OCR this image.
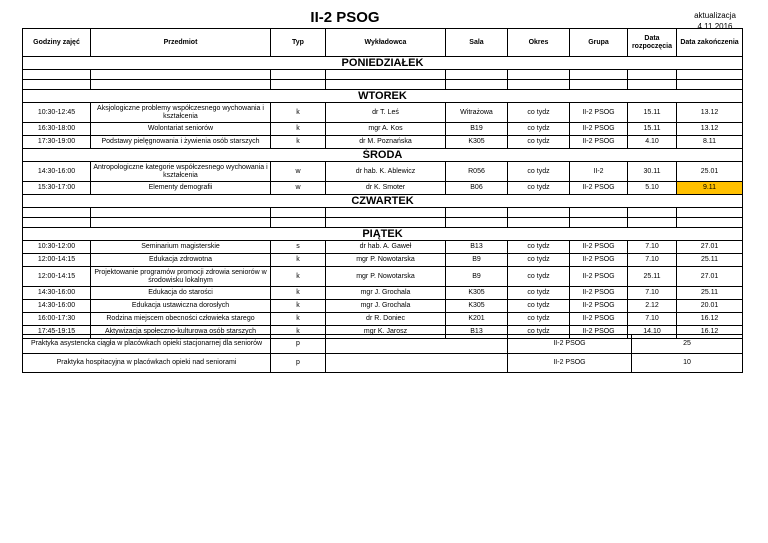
II-2 PSOG	aktualizacja
4.11.2016
Godziny zajęć	Przedmiot	Typ	Wykładowca	Sala	Okres	Grupa	Data rozpoczęcia	Data zakończenia
PONIEDZIAŁEK								

WTOREK								
10:30-12:45	Aksjologiczne problemy współczesnego wychowania i kształcenia	k	dr T. Leś	Witrażowa	co tydz	II-2 PSOG	15.11	13.12
16:30-18:00	Wolontariat seniorów	k	mgr A. Kos	B19	co tydz	II-2 PSOG	15.11	13.12
17:30-19:00	Podstawy pielęgnowania i żywienia osób starszych	k	dr M. Poznańska	K305	co tydz	II-2 PSOG	4.10	8.11
ŚRODA								
14:30-16:00	Antropologiczne kategorie współczesnego wychowania i kształcenia	w	dr hab. K. Ablewicz	R056	co tydz	II-2	30.11	25.01
15:30-17:00	Elementy demografii	w	dr K. Smoter	B06	co tydz	II-2 PSOG	5.10	9.11
CZWARTEK								

PIĄTEK								
10:30-12:00	Seminarium magisterskie	s	dr hab. A. Gaweł	B13	co tydz	II-2 PSOG	7.10	27.01
12:00-14:15	Edukacja zdrowotna	k	mgr P. Nowotarska	B9	co tydz	II-2 PSOG	7.10	25.11
12:00-14:15	Projektowanie programów promocji zdrowia seniorów w środowisku lokalnym	k	mgr P. Nowotarska	B9	co tydz	II-2 PSOG	25.11	27.01
14:30-16:00	Edukacja do starości	k	mgr J. Grochala	K305	co tydz	II-2 PSOG	7.10	25.11
14:30-16:00	Edukacja ustawiczna dorosłych	k	mgr J. Grochala	K305	co tydz	II-2 PSOG	2.12	20.01
16:00-17:30	Rodzina miejscem obecności człowieka starego	k	dr R. Doniec	K201	co tydz	II-2 PSOG	7.10	16.12
17:45-19:15	Aktywizacja społeczno-kulturowa osób starszych	k	mgr K. Jarosz	B13	co tydz	II-2 PSOG	14.10	16.12
Praktyka asystencka ciągła w placówkach opieki stacjonarnej dla seniorów	p		II-2 PSOG	25
Praktyka hospitacyjna w placówkach opieki nad seniorami	p		II-2 PSOG	10
